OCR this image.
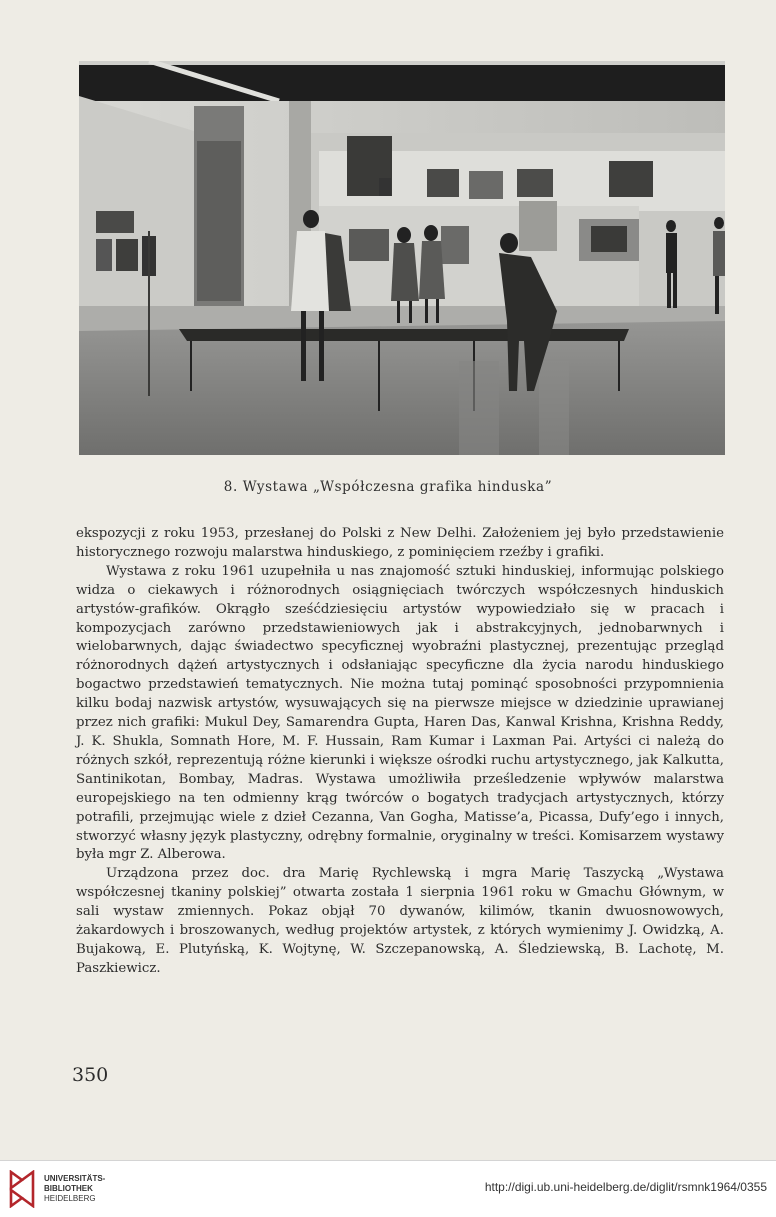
8. Wystawa „Współczesna grafika hinduska”

ekspozycji z roku 1953, przesłanej do Polski z New Delhi. Założeniem jej było przedstawienie historycznego rozwoju malarstwa hinduskiego, z pominięciem rzeźby i grafiki.

Wystawa z roku 1961 uzupełniła u nas znajomość sztuki hinduskiej, informując polskiego widza o ciekawych i różnorodnych osiągnięciach twórczych współczesnych hinduskich artystów-grafików. Okrągło sześćdziesięciu artystów wypowiedziało się w pracach i kompozycjach zarówno przedstawieniowych jak i abstrakcyjnych, jednobarwnych i wielobarwnych, dając świadectwo specyficznej wyobraźni plastycznej, prezentując przegląd różnorodnych dążeń artystycznych i odsłaniając specyficzne dla życia narodu hinduskiego bogactwo przedstawień tematycznych. Nie można tutaj pominąć sposobności przypomnienia kilku bodaj nazwisk artystów, wysuwających się na pierwsze miejsce w dziedzinie uprawianej przez nich grafiki: Mukul Dey, Samarendra Gupta, Haren Das, Kanwal Krishna, Krishna Reddy, J. K. Shukla, Somnath Hore, M. F. Hussain, Ram Kumar i Laxman Pai. Artyści ci należą do różnych szkół, reprezentują różne kierunki i większe ośrodki ruchu artystycznego, jak Kalkutta, Santinikotan, Bombay, Madras. Wystawa umożliwiła prześledzenie wpływów malarstwa europejskiego na ten odmienny krąg twórców o bogatych tradycjach artystycznych, którzy potrafili, przejmując wiele z dzieł Cezanna, Van Gogha, Matisse’a, Picassa, Dufy’ego i innych, stworzyć własny język plastyczny, odrębny formalnie, oryginalny w treści. Komisarzem wystawy była mgr Z. Alberowa.

Urządzona przez doc. dra Marię Rychlewską i mgra Marię Taszycką „Wystawa współczesnej tkaniny polskiej” otwarta została 1 sierpnia 1961 roku w Gmachu Głównym, w sali wystaw zmiennych. Pokaz objął 70 dywanów, kilimów, tkanin dwuosnowowych, żakardowych i broszowanych, według projektów artystek, z których wymienimy J. Owidzką, A. Bujakową, E. Plutyńską, K. Wojtynę, W. Szczepanowską, A. Śledziewską, B. Lachotę, M. Paszkiewicz.

350
UNIVERSITÄTS-
BIBLIOTHEK
HEIDELBERG
http://digi.ub.uni-heidelberg.de/diglit/rsmnk1964/0355
